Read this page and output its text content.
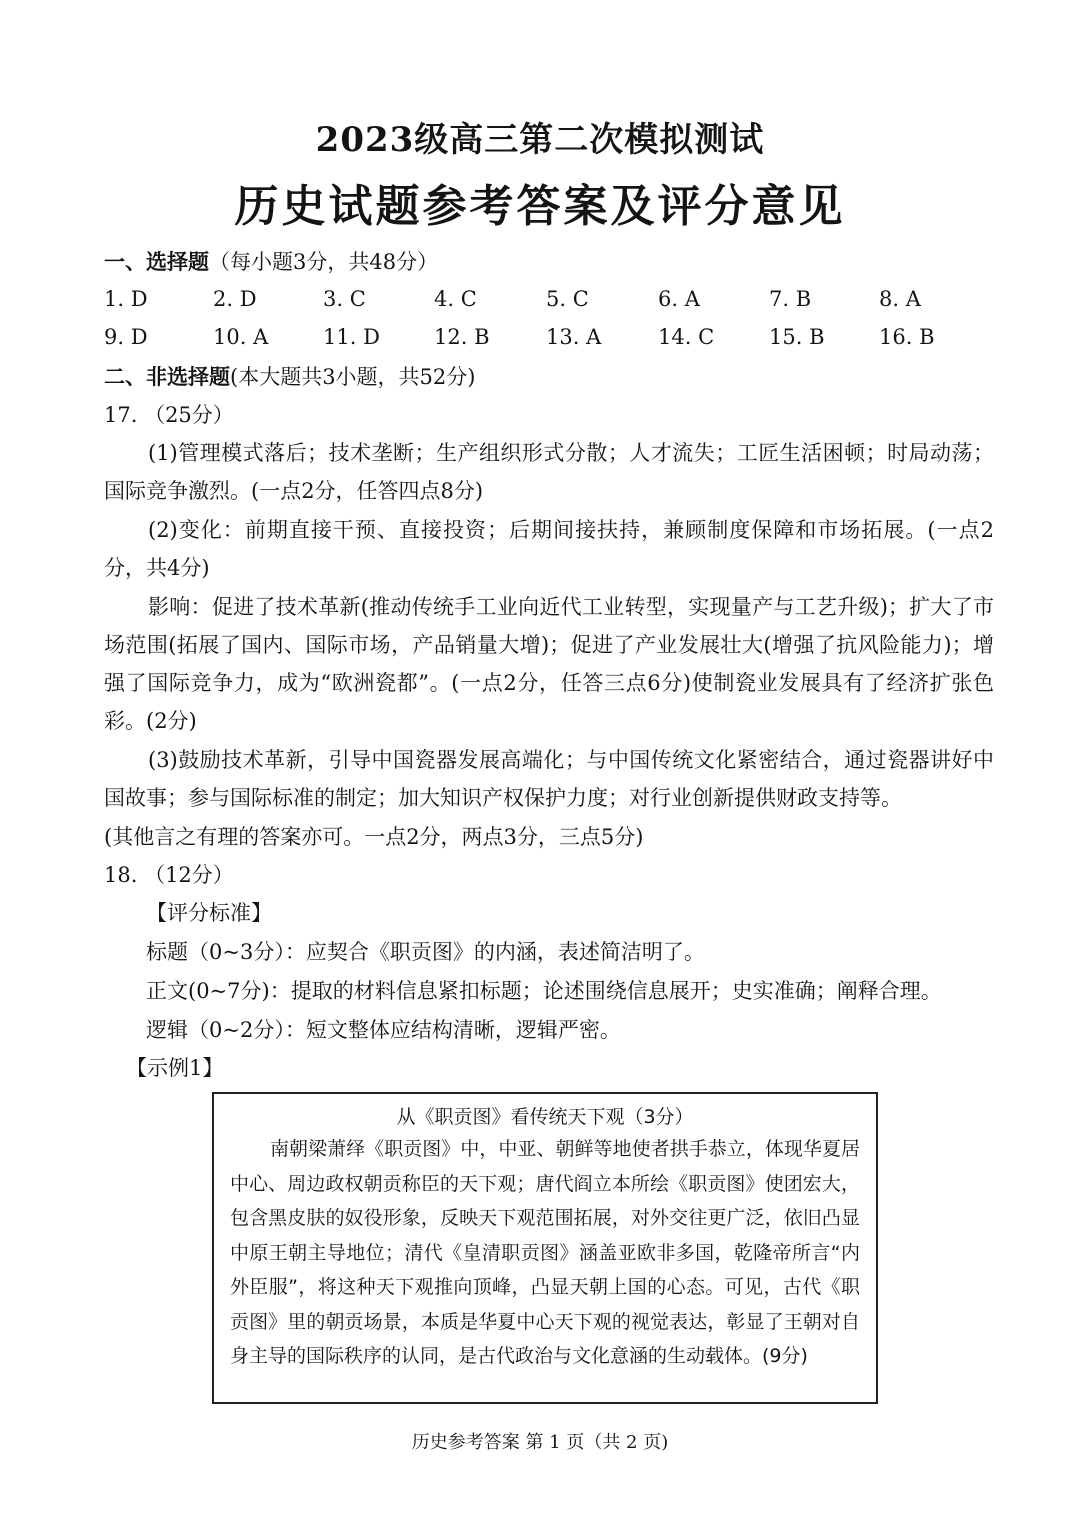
2023级高三第二次模拟测试
历史试题参考答案及评分意见
一、选择题（每小题3分，共48分）
1. D	2. D	3. C	4. C	5. C	6. A	7. B	8. A
9. D	10. A	11. D	12. B	13. A	14. C	15. B	16. B
二、非选择题(本大题共3小题，共52分)
17. （25分）
(1)管理模式落后；技术垄断；生产组织形式分散；人才流失；工匠生活困顿；时局动荡；国际竞争激烈。(一点2分，任答四点8分)
(2)变化：前期直接干预、直接投资；后期间接扶持，兼顾制度保障和市场拓展。(一点2分，共4分)
影响：促进了技术革新(推动传统手工业向近代工业转型，实现量产与工艺升级)；扩大了市场范围(拓展了国内、国际市场，产品销量大增)；促进了产业发展壮大(增强了抗风险能力)；增强了国际竞争力，成为“欧洲瓷都”。(一点2分，任答三点6分)使制瓷业发展具有了经济扩张色彩。(2分)
(3)鼓励技术革新，引导中国瓷器发展高端化；与中国传统文化紧密结合，通过瓷器讲好中国故事；参与国际标准的制定；加大知识产权保护力度；对行业创新提供财政支持等。
(其他言之有理的答案亦可。一点2分，两点3分，三点5分)
18. （12分）
【评分标准】
标题（0~3分）：应契合《职贡图》的内涵，表述简洁明了。
正文(0~7分)：提取的材料信息紧扣标题；论述围绕信息展开；史实准确；阐释合理。
逻辑（0~2分）：短文整体应结构清晰，逻辑严密。
【示例1】
从《职贡图》看传统天下观（3分）

南朝梁萧绎《职贡图》中，中亚、朝鲜等地使者拱手恭立，体现华夏居中心、周边政权朝贡称臣的天下观；唐代阎立本所绘《职贡图》使团宏大，包含黑皮肤的奴役形象，反映天下观范围拓展，对外交往更广泛，依旧凸显中原王朝主导地位；清代《皇清职贡图》涵盖亚欧非多国，乾隆帝所言“内外臣服”，将这种天下观推向顶峰，凸显天朝上国的心态。可见，古代《职贡图》里的朝贡场景，本质是华夏中心天下观的视觉表达，彰显了王朝对自身主导的国际秩序的认同，是古代政治与文化意涵的生动载体。(9分)

历史参考答案 第 1 页（共 2 页)
